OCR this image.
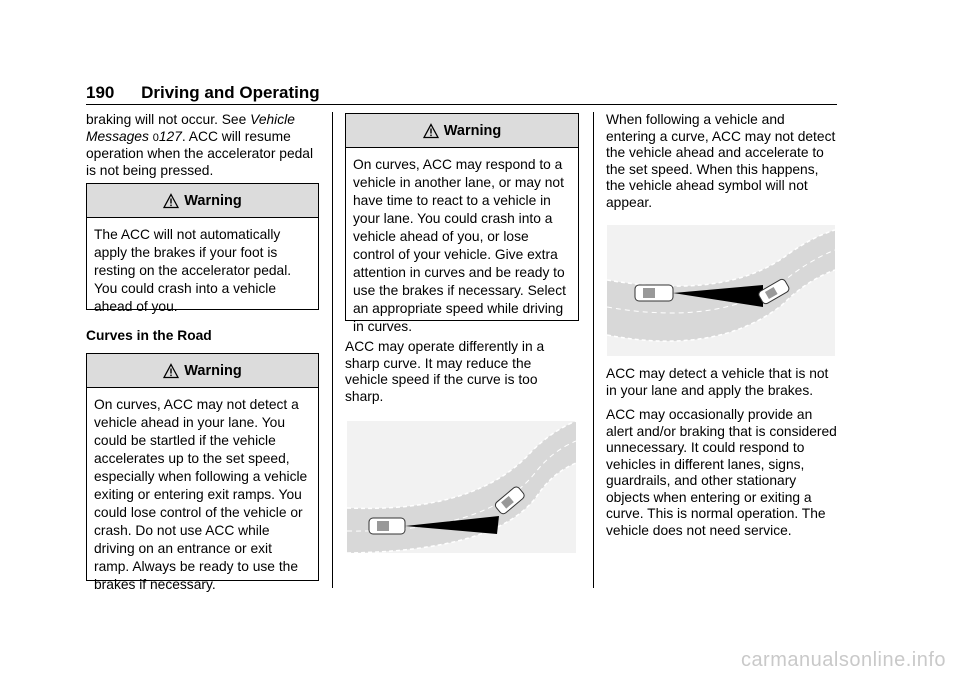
190 Driving and Operating

braking will not occur. See Vehicle Messages 0127. ACC will resume operation when the accelerator pedal is not being pressed.

Warning
The ACC will not automatically apply the brakes if your foot is resting on the accelerator pedal. You could crash into a vehicle ahead of you.
Curves in the Road
Warning
On curves, ACC may not detect a vehicle ahead in your lane. You could be startled if the vehicle accelerates up to the set speed, especially when following a vehicle exiting or entering exit ramps. You could lose control of the vehicle or crash. Do not use ACC while driving on an entrance or exit ramp. Always be ready to use the brakes if necessary.
Warning
On curves, ACC may respond to a vehicle in another lane, or may not have time to react to a vehicle in your lane. You could crash into a vehicle ahead of you, or lose control of your vehicle. Give extra attention in curves and be ready to use the brakes if necessary. Select an appropriate speed while driving in curves.
ACC may operate differently in a sharp curve. It may reduce the vehicle speed if the curve is too sharp.
When following a vehicle and entering a curve, ACC may not detect the vehicle ahead and accelerate to the set speed. When this happens, the vehicle ahead symbol will not appear.

ACC may detect a vehicle that is not in your lane and apply the brakes.

ACC may occasionally provide an alert and/or braking that is considered unnecessary. It could respond to vehicles in different lanes, signs, guardrails, and other stationary objects when entering or exiting a curve. This is normal operation. The vehicle does not need service.

carmanualsonline.info
